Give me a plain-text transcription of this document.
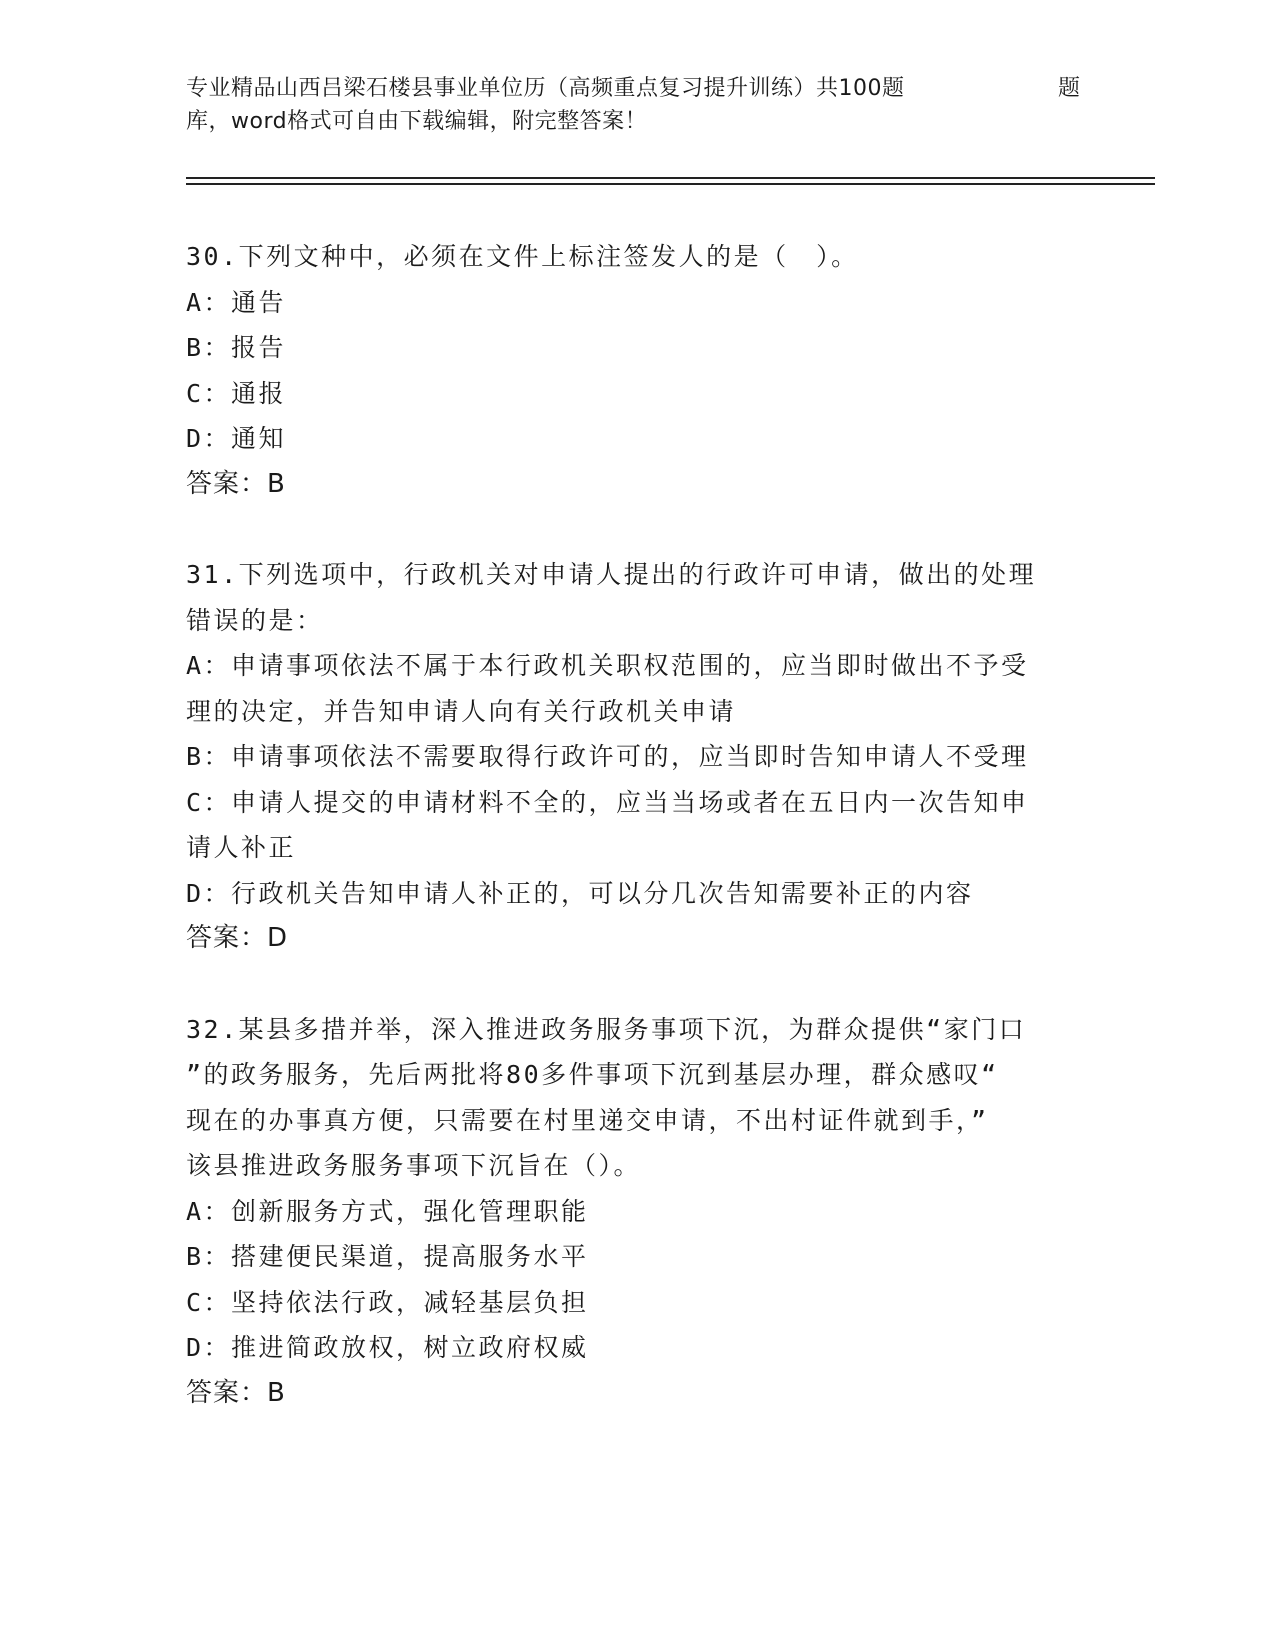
专业精品山西吕梁石楼县事业单位历（高频重点复习提升训练）共100题	题
库，word格式可自由下载编辑，附完整答案！
30.下列文种中，必须在文件上标注签发人的是（　）。
A：通告
B：报告
C：通报
D：通知
答案：B
31.下列选项中，行政机关对申请人提出的行政许可申请，做出的处理
错误的是：
A：申请事项依法不属于本行政机关职权范围的，应当即时做出不予受
理的决定，并告知申请人向有关行政机关申请
B：申请事项依法不需要取得行政许可的，应当即时告知申请人不受理
C：申请人提交的申请材料不全的，应当当场或者在五日内一次告知申
请人补正
D：行政机关告知申请人补正的，可以分几次告知需要补正的内容
答案：D
32.某县多措并举，深入推进政务服务事项下沉，为群众提供“家门口
”的政务服务，先后两批将80多件事项下沉到基层办理，群众感叹“
现在的办事真方便，只需要在村里递交申请，不出村证件就到手，”
该县推进政务服务事项下沉旨在（）。
A：创新服务方式，强化管理职能
B：搭建便民渠道，提高服务水平
C：坚持依法行政，减轻基层负担
D：推进简政放权，树立政府权威
答案：B
